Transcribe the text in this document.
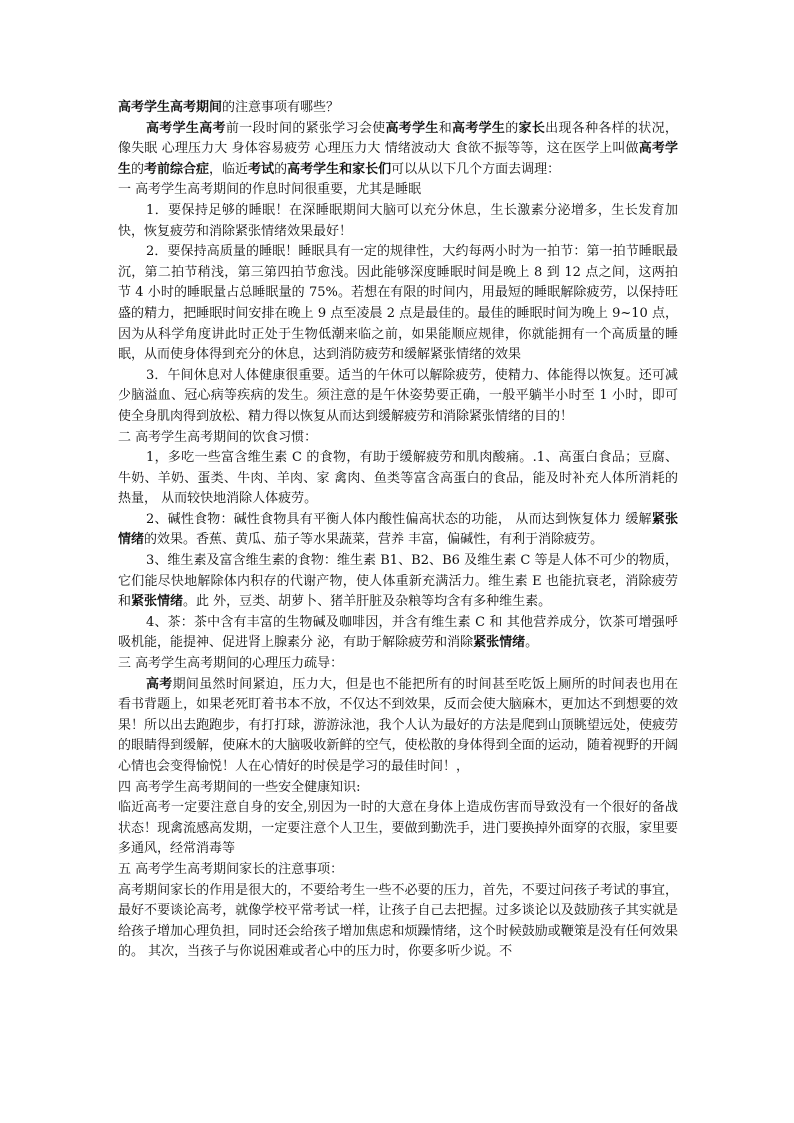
高考学生高考期间的注意事项有哪些？

高考学生高考前一段时间的紧张学习会使高考学生和高考学生的家长出现各种各样的状况，像失眠 心理压力大 身体容易疲劳 心理压力大 情绪波动大 食欲不振等等，这在医学上叫做高考学生的考前综合症，临近考试的高考学生和家长们可以从以下几个方面去调理：

一 高考学生高考期间的作息时间很重要，尤其是睡眠

1．要保持足够的睡眠！在深睡眠期间大脑可以充分休息，生长激素分泌增多，生长发育加快，恢复疲劳和消除紧张情绪效果最好！

2．要保持高质量的睡眠！睡眠具有一定的规律性，大约每两小时为一拍节：第一拍节睡眠最沉，第二拍节稍浅，第三第四拍节愈浅。因此能够深度睡眠时间是晚上 8 到 12 点之间，这两拍节 4 小时的睡眠量占总睡眠量的 75%。若想在有限的时间内，用最短的睡眠解除疲劳，以保持旺盛的精力，把睡眠时间安排在晚上 9 点至凌晨 2 点是最佳的。最佳的睡眠时间为晚上 9~10 点，因为从科学角度讲此时正处于生物低潮来临之前，如果能顺应规律，你就能拥有一个高质量的睡眠，从而使身体得到充分的休息，达到消防疲劳和缓解紧张情绪的效果

3．午间休息对人体健康很重要。适当的午休可以解除疲劳，使精力、体能得以恢复。还可减少脑溢血、冠心病等疾病的发生。须注意的是午休姿势要正确，一般平躺半小时至 1 小时，即可使全身肌肉得到放松、精力得以恢复从而达到缓解疲劳和消除紧张情绪的目的！

二 高考学生高考期间的饮食习惯：

1，多吃一些富含维生素 C 的食物，有助于缓解疲劳和肌肉酸痛。.1、高蛋白食品；豆腐、牛奶、羊奶、蛋类、牛肉、羊肉、家 禽肉、鱼类等富含高蛋白的食品，能及时补充人体所消耗的热量， 从而较快地消除人体疲劳。

2、碱性食物：碱性食物具有平衡人体内酸性偏高状态的功能， 从而达到恢复体力 缓解紧张情绪的效果。香蕉、黄瓜、茄子等水果蔬菜，营养 丰富，偏碱性，有利于消除疲劳。

3、维生素及富含维生素的食物：维生素 B1、B2、B6 及维生素 C 等是人体不可少的物质，它们能尽快地解除体内积存的代谢产物，使人体重新充满活力。维生素 E 也能抗衰老，消除疲劳和紧张情绪。此 外，豆类、胡萝卜、猪羊肝脏及杂粮等均含有多种维生素。

4、茶：茶中含有丰富的生物碱及咖啡因，并含有维生素 C 和 其他营养成分，饮茶可增强呼吸机能，能提神、促进肾上腺素分 泌，有助于解除疲劳和消除紧张情绪。

三 高考学生高考期间的心理压力疏导：

高考期间虽然时间紧迫，压力大，但是也不能把所有的时间甚至吃饭上厕所的时间表也用在看书背题上，如果老死盯着书本不放，不仅达不到效果，反而会使大脑麻木，更加达不到想要的效果！所以出去跑跑步，有打打球，游游泳池，我个人认为最好的方法是爬到山顶眺望远处，使疲劳的眼睛得到缓解，使麻木的大脑吸收新鲜的空气，使松散的身体得到全面的运动，随着视野的开阔心情也会变得愉悦！人在心情好的时侯是学习的最佳时间！，

四 高考学生高考期间的一些安全健康知识:

临近高考一定要注意自身的安全,别因为一时的大意在身体上造成伤害而导致没有一个很好的备战状态！现禽流感高发期，一定要注意个人卫生，要做到勤洗手，进门要换掉外面穿的衣服，家里要多通风，经常消毒等

五 高考学生高考期间家长的注意事项：

高考期间家长的作用是很大的，不要给考生一些不必要的压力，首先，不要过问孩子考试的事宜，最好不要谈论高考，就像学校平常考试一样，让孩子自己去把握。过多谈论以及鼓励孩子其实就是给孩子增加心理负担，同时还会给孩子增加焦虑和烦躁情绪，这个时候鼓励或鞭策是没有任何效果的。 其次，当孩子与你说困难或者心中的压力时，你要多听少说。不
